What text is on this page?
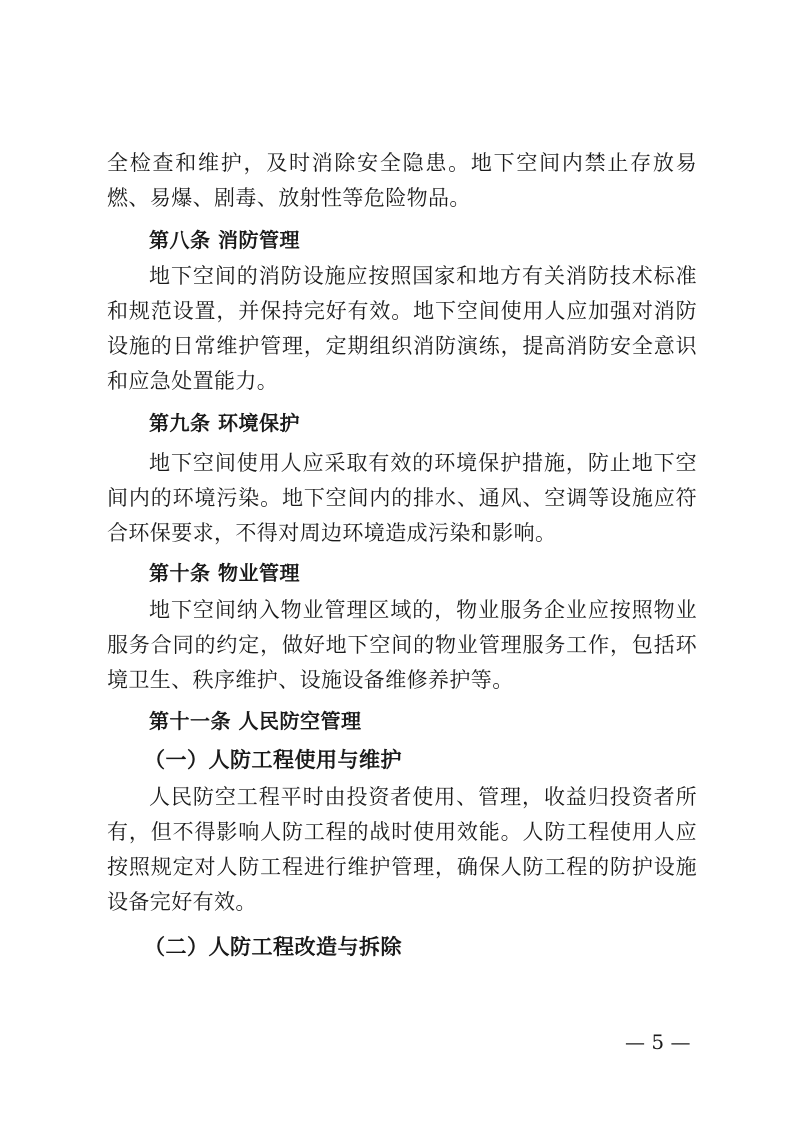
全检查和维护，及时消除安全隐患。地下空间内禁止存放易燃、易爆、剧毒、放射性等危险物品。

第八条 消防管理

地下空间的消防设施应按照国家和地方有关消防技术标准和规范设置，并保持完好有效。地下空间使用人应加强对消防设施的日常维护管理，定期组织消防演练，提高消防安全意识和应急处置能力。

第九条 环境保护

地下空间使用人应采取有效的环境保护措施，防止地下空间内的环境污染。地下空间内的排水、通风、空调等设施应符合环保要求，不得对周边环境造成污染和影响。

第十条 物业管理

地下空间纳入物业管理区域的，物业服务企业应按照物业服务合同的约定，做好地下空间的物业管理服务工作，包括环境卫生、秩序维护、设施设备维修养护等。

第十一条 人民防空管理

（一）人防工程使用与维护

人民防空工程平时由投资者使用、管理，收益归投资者所有，但不得影响人防工程的战时使用效能。人防工程使用人应按照规定对人防工程进行维护管理，确保人防工程的防护设施设备完好有效。

（二）人防工程改造与拆除

— 5 —
